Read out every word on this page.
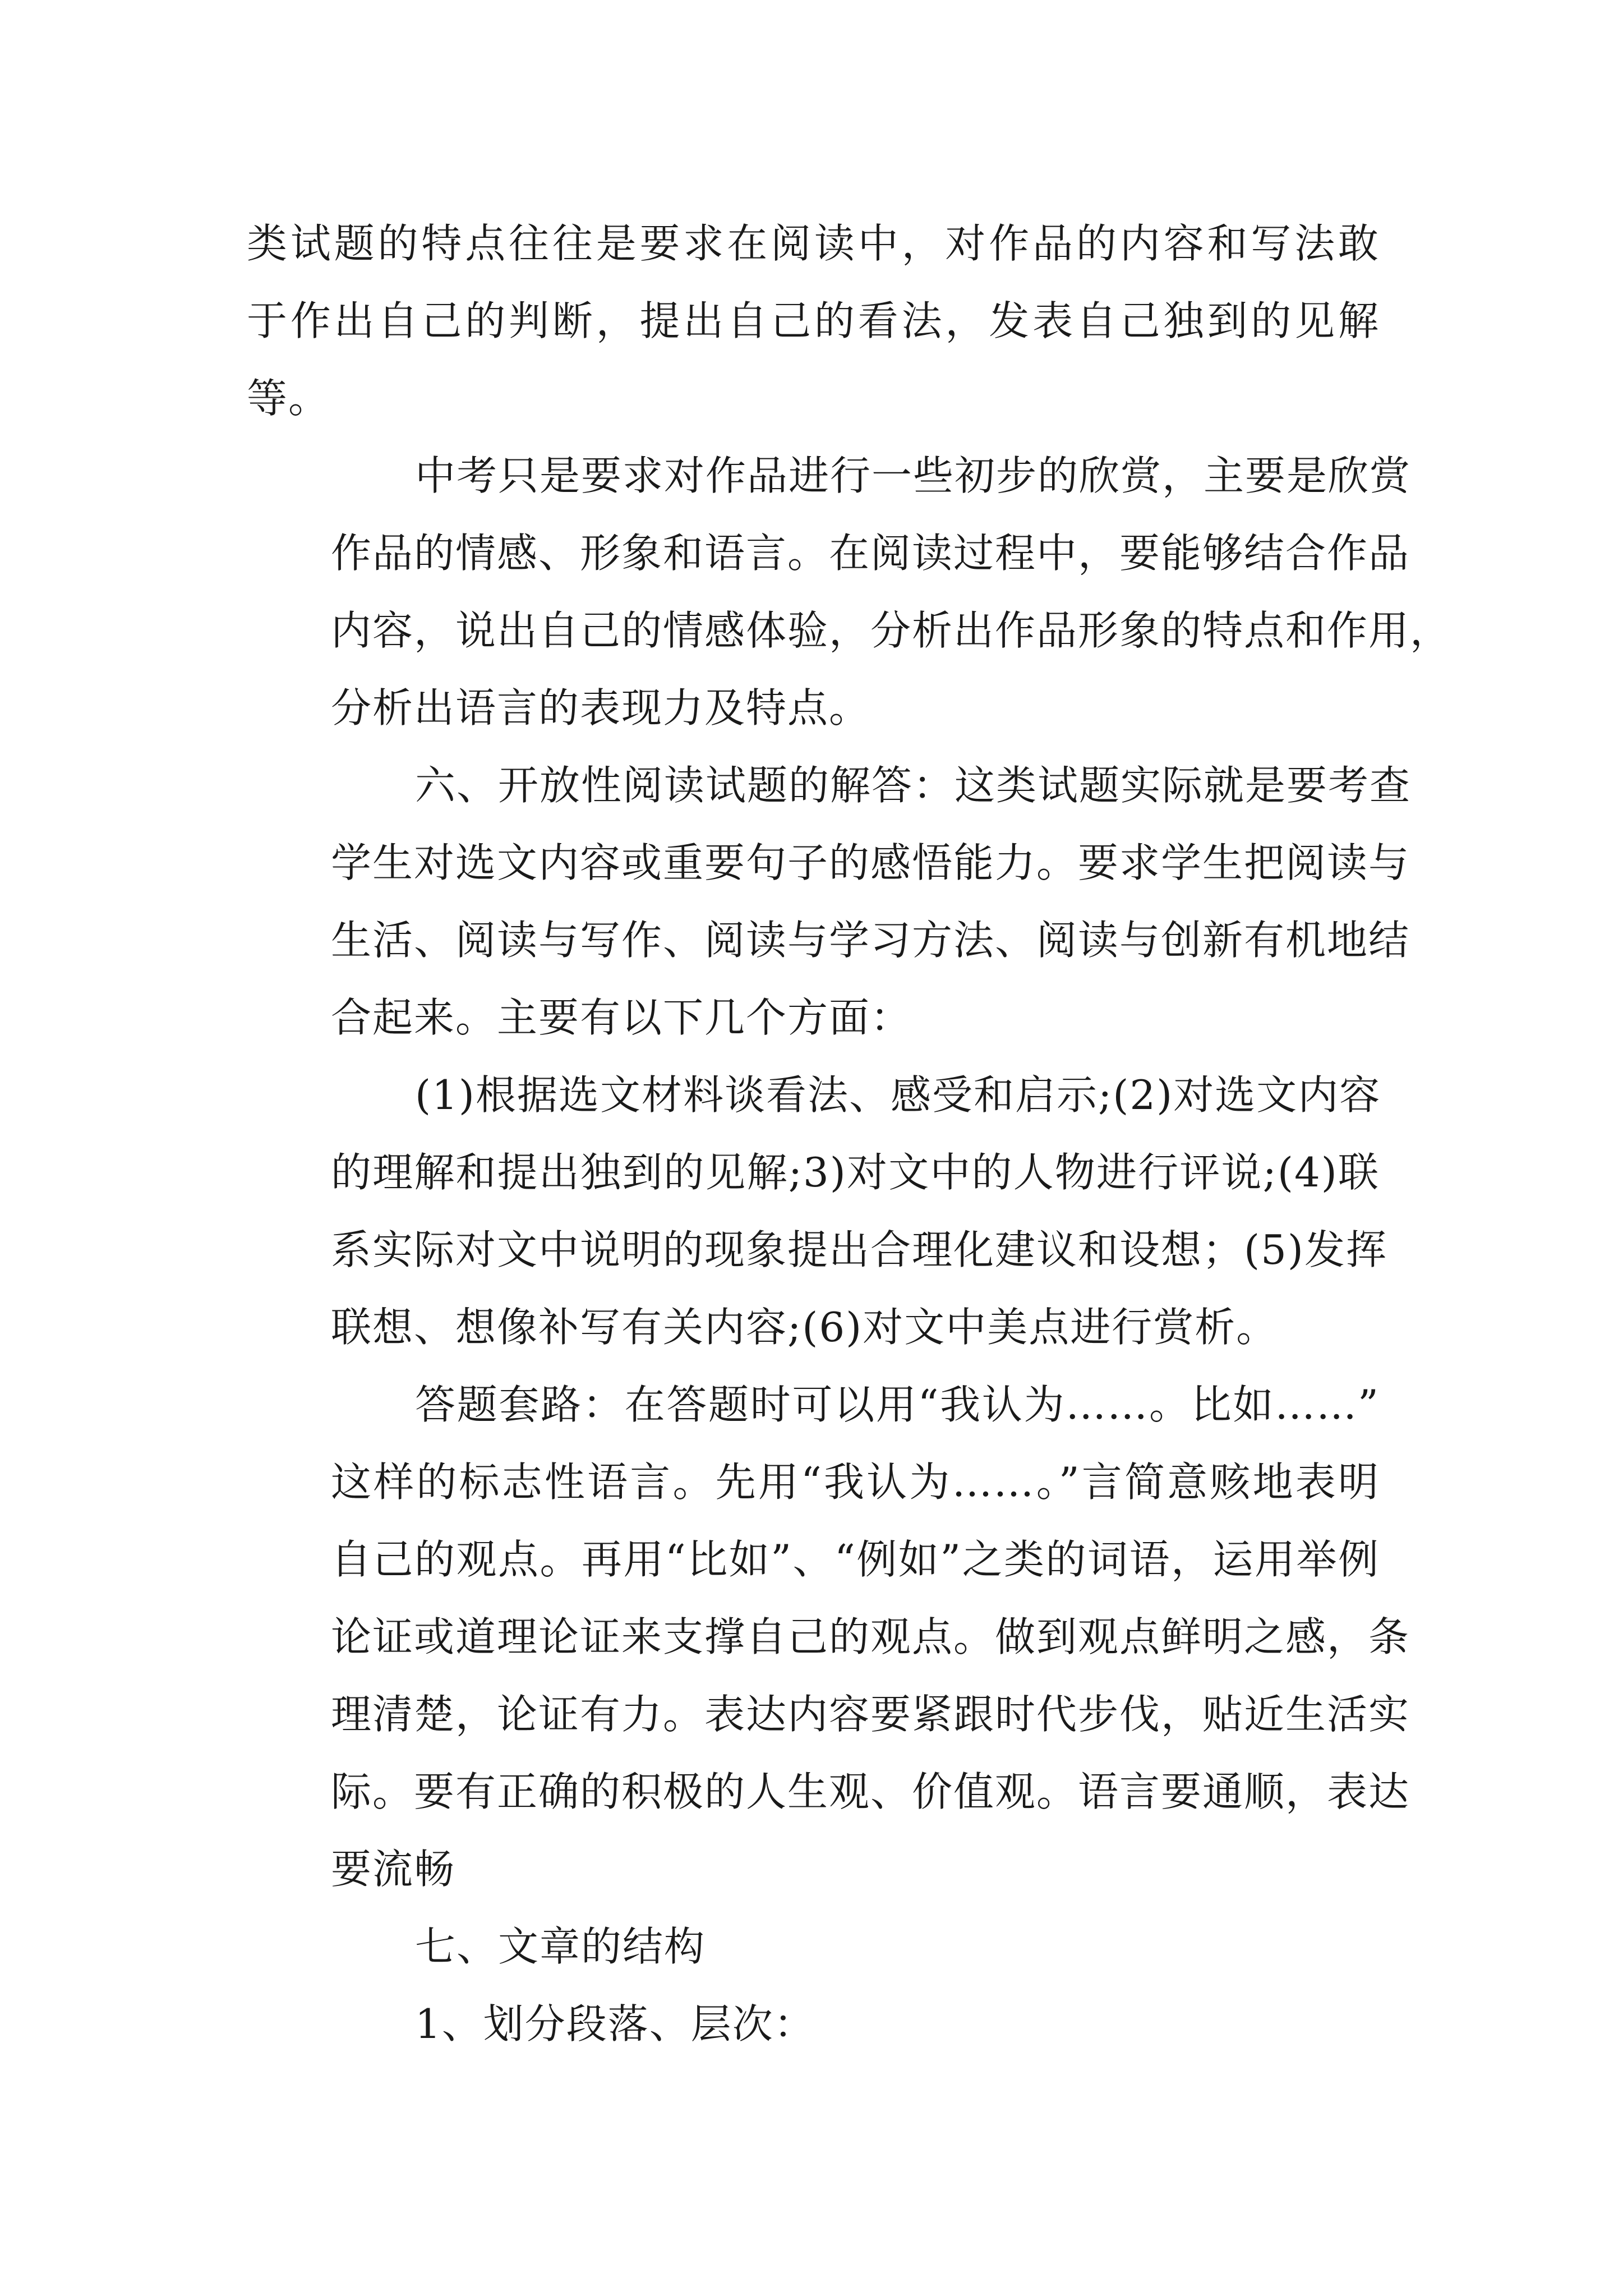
类试题的特点往往是要求在阅读中，对作品的内容和写法敢
于作出自己的判断，提出自己的看法，发表自己独到的见解
等。
中考只是要求对作品进行一些初步的欣赏，主要是欣赏
作品的情感、形象和语言。在阅读过程中，要能够结合作品
内容，说出自己的情感体验，分析出作品形象的特点和作用，
分析出语言的表现力及特点。
六、开放性阅读试题的解答：这类试题实际就是要考查
学生对选文内容或重要句子的感悟能力。要求学生把阅读与
生活、阅读与写作、阅读与学习方法、阅读与创新有机地结
合起来。主要有以下几个方面：
(1)根据选文材料谈看法、感受和启示;(2)对选文内容
的理解和提出独到的见解;3)对文中的人物进行评说;(4)联
系实际对文中说明的现象提出合理化建议和设想；(5)发挥
联想、想像补写有关内容;(6)对文中美点进行赏析。
答题套路：在答题时可以用“我认为……。比如……”
这样的标志性语言。先用“我认为……。”言简意赅地表明
自己的观点。再用“比如”、“例如”之类的词语，运用举例
论证或道理论证来支撑自己的观点。做到观点鲜明之感，条
理清楚，论证有力。表达内容要紧跟时代步伐，贴近生活实
际。要有正确的积极的人生观、价值观。语言要通顺，表达
要流畅
七、文章的结构
1、划分段落、层次：
